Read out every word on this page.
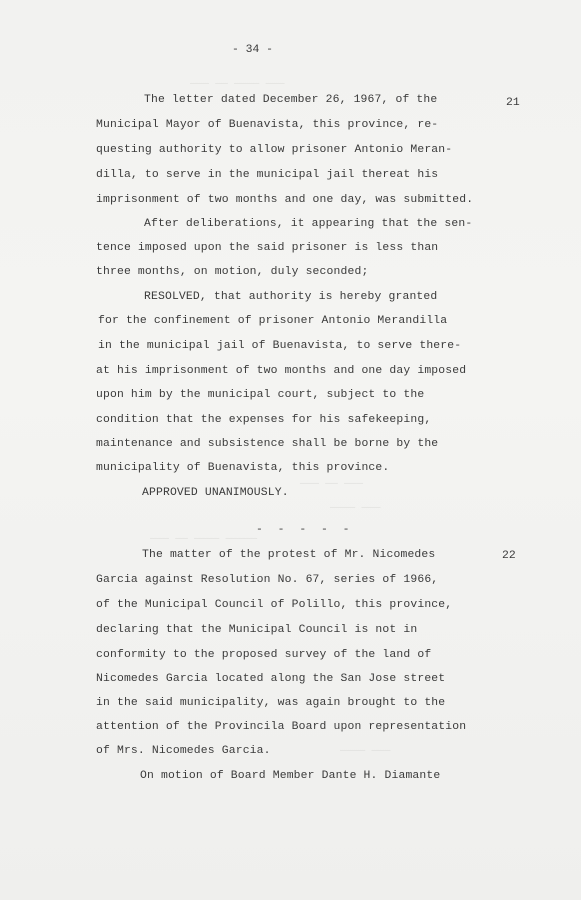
——— —— ———— ———
——— —— ———
———— ———
——— —— ———— —————
———— ———
- 34 -
21
The letter dated December 26, 1967, of the
Municipal Mayor of Buenavista, this province, re-
questing authority to allow prisoner Antonio Meran-
dilla, to serve in the municipal jail thereat his
imprisonment of two months and one day, was submitted.
After deliberations, it appearing that the sen-
tence imposed upon the said prisoner is less than
three months, on motion, duly seconded;
RESOLVED, that authority is hereby granted
for the confinement of prisoner Antonio Merandilla
in the municipal jail of Buenavista, to serve there-
at his imprisonment of two months and one day imposed
upon him by the municipal court, subject to the
condition that the expenses for his safekeeping,
maintenance and subsistence shall be borne by the
municipality of Buenavista, this province.
APPROVED UNANIMOUSLY.
- - - - -
22
The matter of the protest of Mr. Nicomedes
Garcia against Resolution No. 67, series of 1966,
of the Municipal Council of Polillo, this province,
declaring that the Municipal Council is not in
conformity to the proposed survey of the land of
Nicomedes Garcia located along the San Jose street
in the said municipality, was again brought to the
attention of the Provincila Board upon representation
of Mrs. Nicomedes Garcia.
On motion of Board Member Dante H. Diamante
